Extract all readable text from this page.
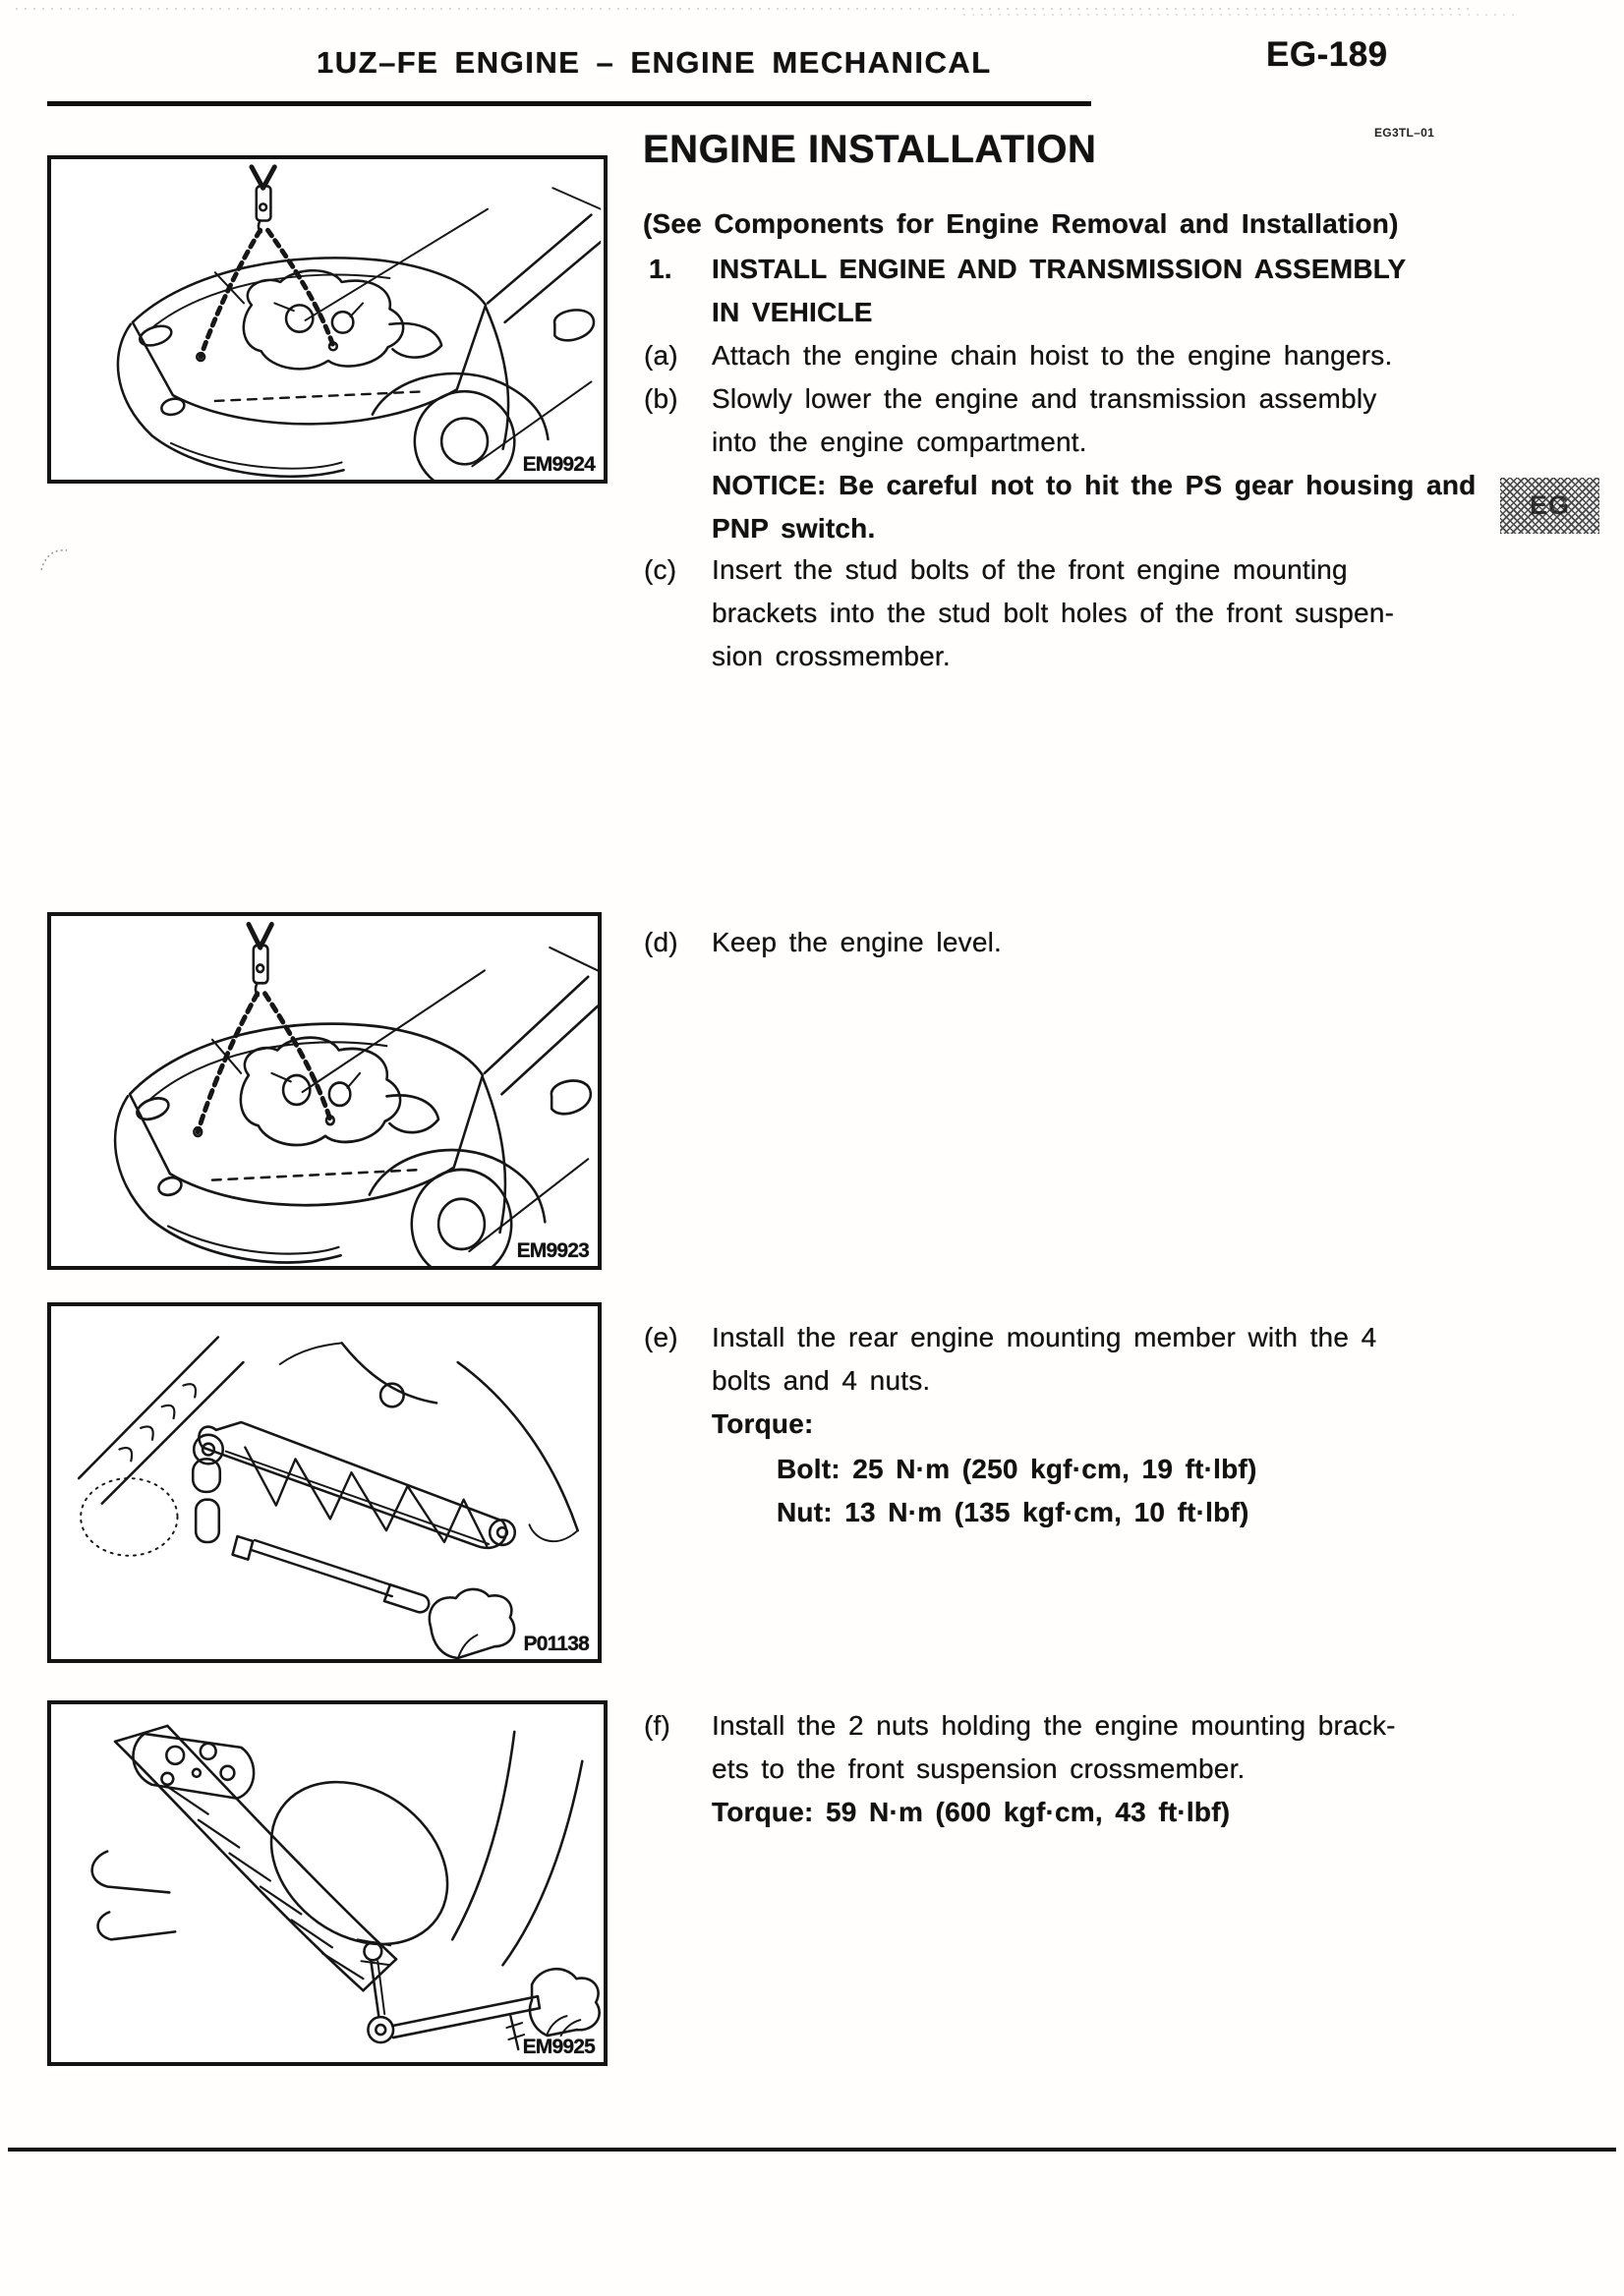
1UZ–FE ENGINE – ENGINE MECHANICAL	EG-189
EM9924
ENGINE INSTALLATION	EG3TL–01
(See Components for Engine Removal and Installation)
1. INSTALL ENGINE AND TRANSMISSION ASSEMBLY
IN VEHICLE
(a) Attach the engine chain hoist to the engine hangers.
(b) Slowly lower the engine and transmission assembly
into the engine compartment.
NOTICE: Be careful not to hit the PS gear housing and
PNP switch.
EG
(c) Insert the stud bolts of the front engine mounting
brackets into the stud bolt holes of the front suspen-
sion crossmember.
EM9923
(d) Keep the engine level.
P01138
(e) Install the rear engine mounting member with the 4
bolts and 4 nuts.
Torque:
Bolt: 25 N·m (250 kgf·cm, 19 ft·lbf)
Nut: 13 N·m (135 kgf·cm, 10 ft·lbf)
EM9925
(f) Install the 2 nuts holding the engine mounting brack-
ets to the front suspension crossmember.
Torque: 59 N·m (600 kgf·cm, 43 ft·lbf)
